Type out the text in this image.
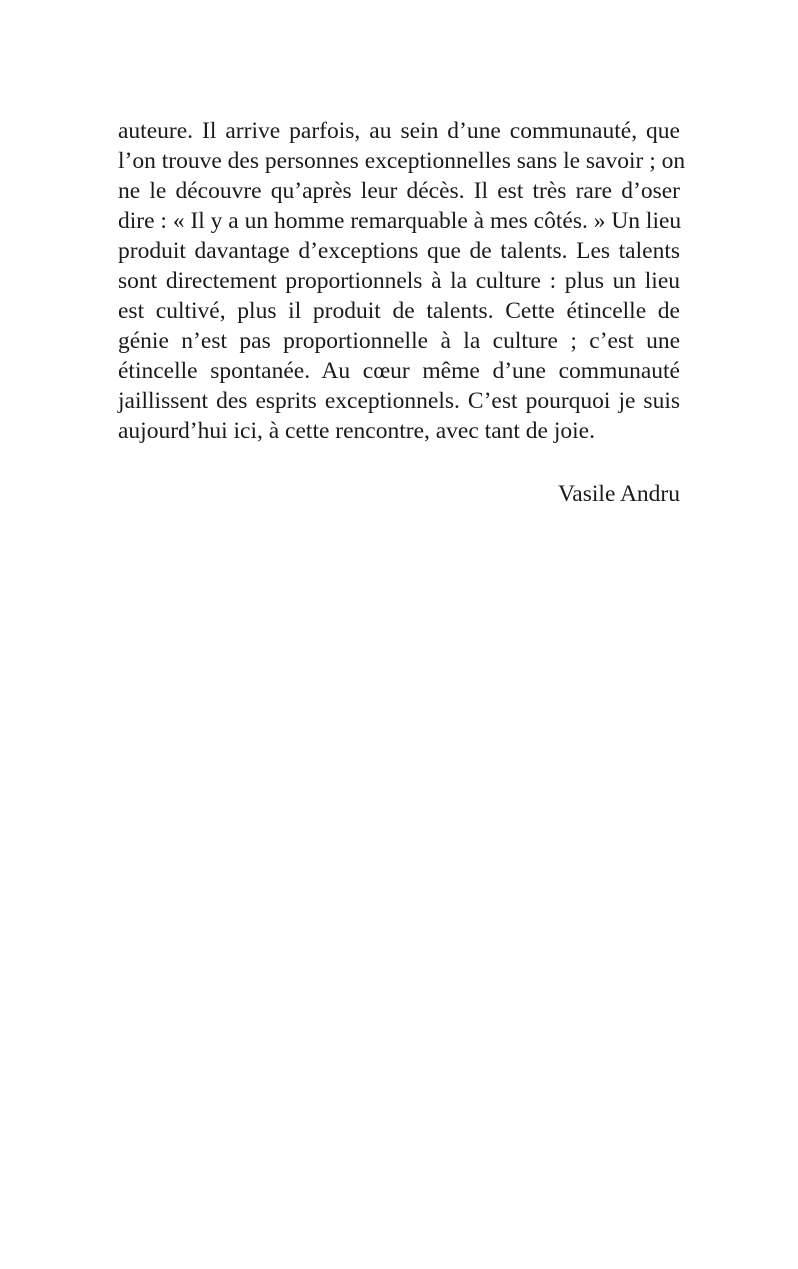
auteure. Il arrive parfois, au sein d’une communauté, que
l’on trouve des personnes exceptionnelles sans le savoir ; on
ne le découvre qu’après leur décès. Il est très rare d’oser
dire : « Il y a un homme remarquable à mes côtés. » Un lieu
produit davantage d’exceptions que de talents. Les talents
sont directement proportionnels à la culture : plus un lieu
est cultivé, plus il produit de talents. Cette étincelle de
génie n’est pas proportionnelle à la culture ; c’est une
étincelle spontanée. Au cœur même d’une communauté
jaillissent des esprits exceptionnels. C’est pourquoi je suis
aujourd’hui ici, à cette rencontre, avec tant de joie.
Vasile Andru
